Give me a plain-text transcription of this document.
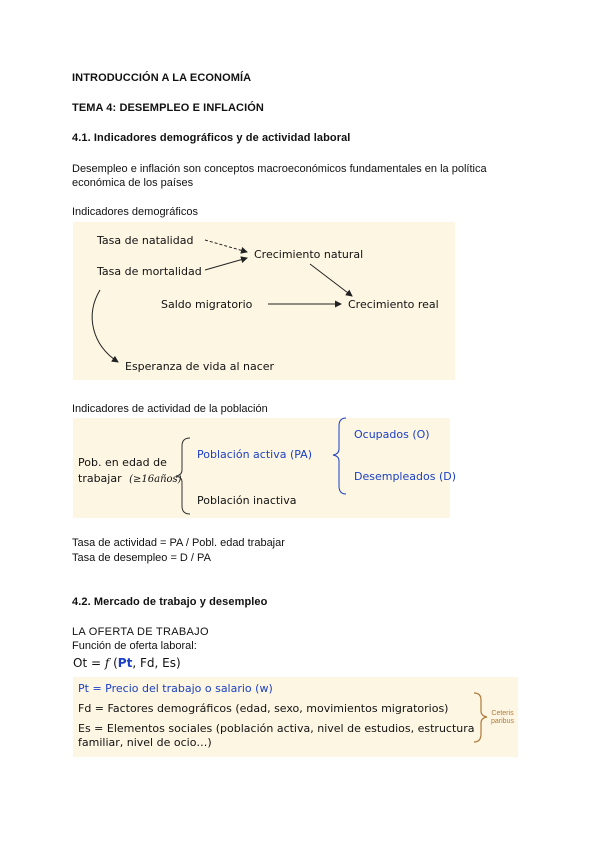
INTRODUCCIÓN A LA ECONOMÍA
TEMA 4: DESEMPLEO E INFLACIÓN
4.1. Indicadores demográficos y de actividad laboral
Desempleo e inflación son conceptos macroeconómicos fundamentales en la política
económica de los países
Indicadores demográficos
Tasa de natalidad
Tasa de mortalidad
Crecimiento natural
Saldo migratorio	Crecimiento real
Esperanza de vida al nacer
Indicadores de actividad de la población
Pob. en edad de
trabajar (≥16años)
Población activa (PA)
Población inactiva
Ocupados (O)
Desempleados (D)
Tasa de actividad = PA / Pobl. edad trabajar
Tasa de desempleo = D / PA
4.2. Mercado de trabajo y desempleo
LA OFERTA DE TRABAJO
Función de oferta laboral:
Ot = f (Pt, Fd, Es)
Pt = Precio del trabajo o salario (w)
Fd = Factores demográficos (edad, sexo, movimientos migratorios)
Es = Elementos sociales (población activa, nivel de estudios, estructura
familiar, nivel de ocio…)
Ceteris
paribus
